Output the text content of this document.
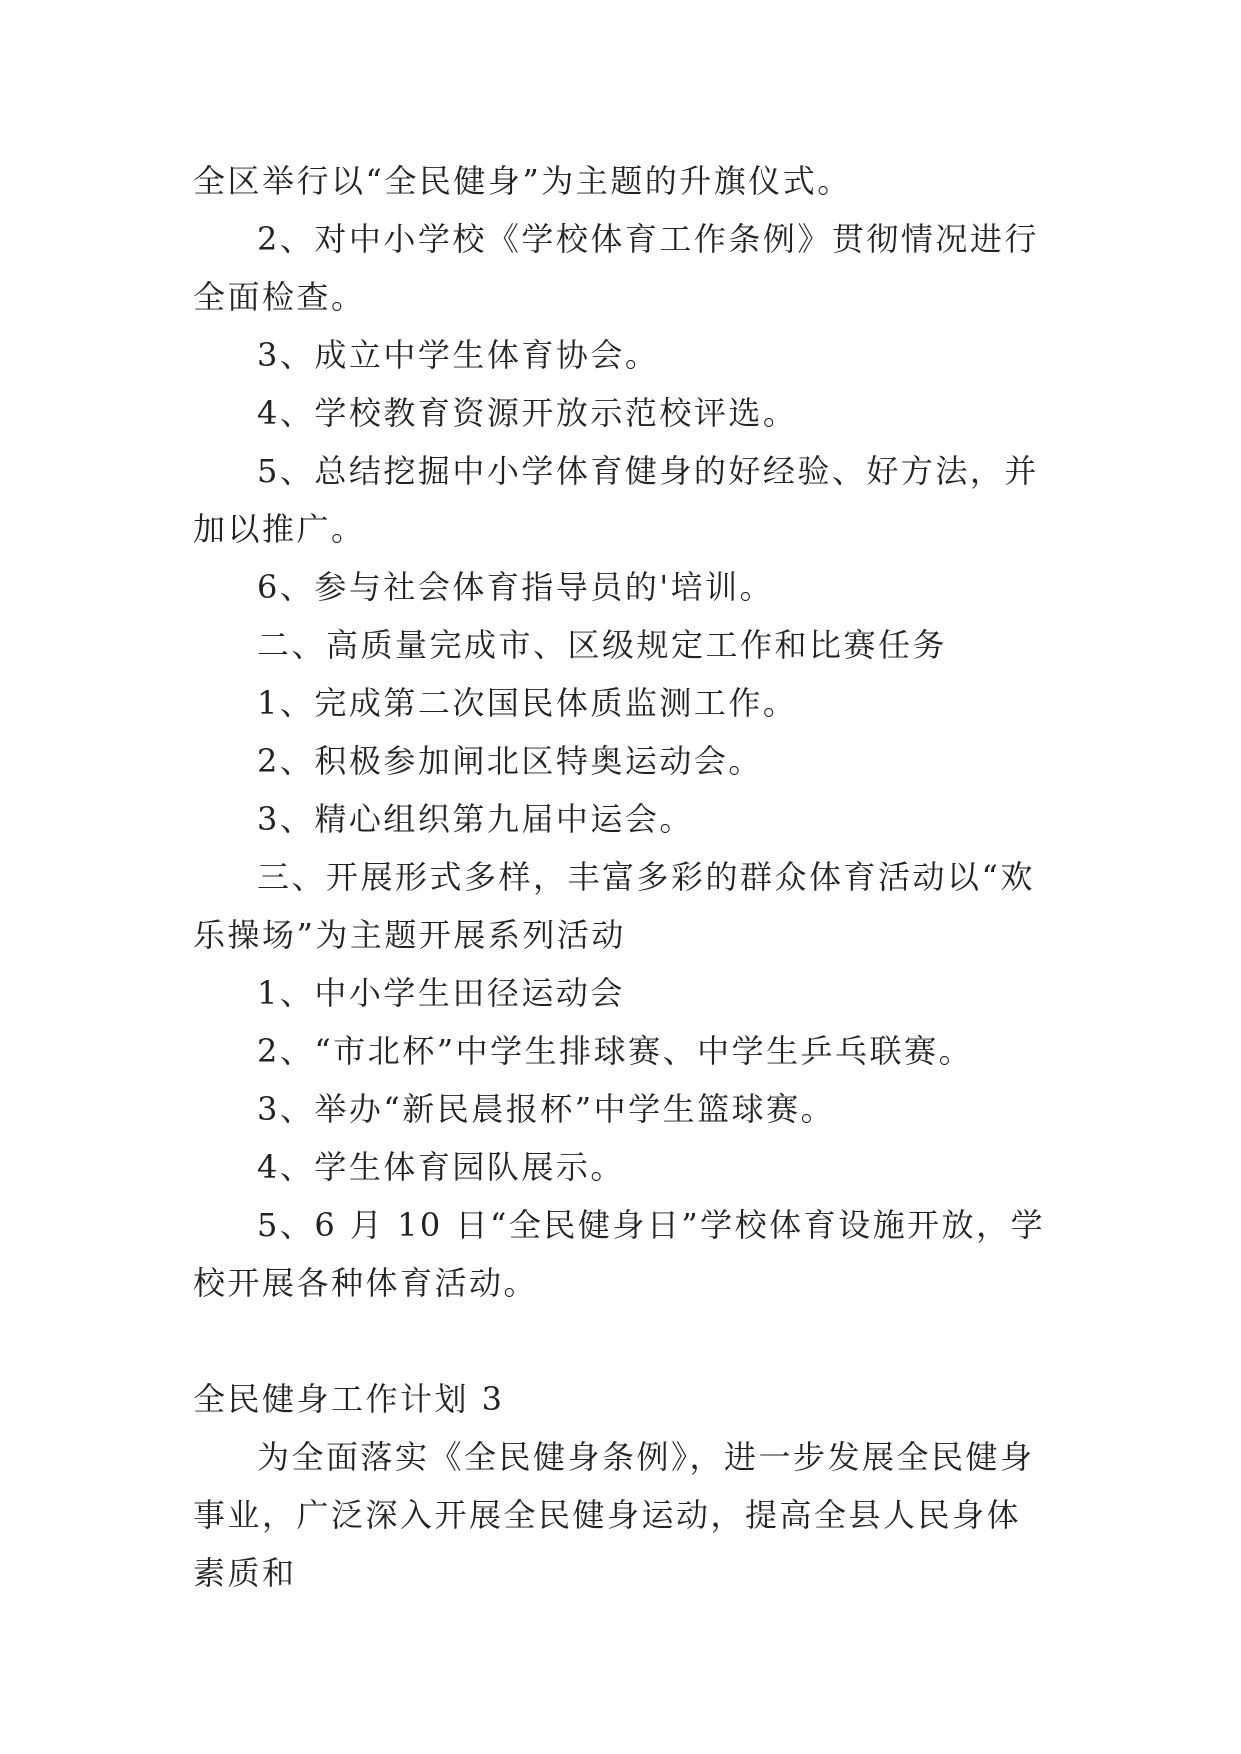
全区举行以“全民健身”为主题的升旗仪式。

2、对中小学校《学校体育工作条例》贯彻情况进行全面检查。

3、成立中学生体育协会。

4、学校教育资源开放示范校评选。

5、总结挖掘中小学体育健身的好经验、好方法，并加以推广。

6、参与社会体育指导员的'培训。

二、高质量完成市、区级规定工作和比赛任务

1、完成第二次国民体质监测工作。

2、积极参加闸北区特奥运动会。

3、精心组织第九届中运会。

三、开展形式多样，丰富多彩的群众体育活动以“欢乐操场”为主题开展系列活动

1、中小学生田径运动会

2、“市北杯”中学生排球赛、中学生乒乓联赛。

3、举办“新民晨报杯”中学生篮球赛。

4、学生体育园队展示。

5、6 月 10 日“全民健身日”学校体育设施开放，学校开展各种体育活动。

全民健身工作计划 3

为全面落实《全民健身条例》，进一步发展全民健身事业，广泛深入开展全民健身运动，提高全县人民身体素质和
